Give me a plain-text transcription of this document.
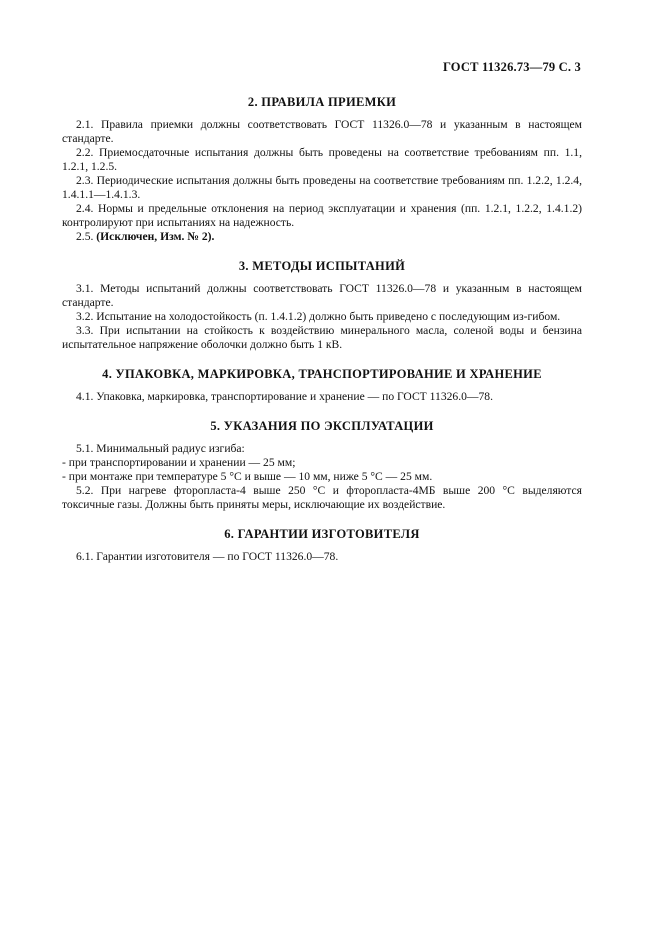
ГОСТ 11326.73—79 С. 3
2. ПРАВИЛА ПРИЕМКИ

2.1. Правила приемки должны соответствовать ГОСТ 11326.0—78 и указанным в настоящем стандарте.

2.2. Приемосдаточные испытания должны быть проведены на соответствие требованиям пп. 1.1, 1.2.1, 1.2.5.

2.3. Периодические испытания должны быть проведены на соответствие требованиям пп. 1.2.2, 1.2.4, 1.4.1.1—1.4.1.3.

2.4. Нормы и предельные отклонения на период эксплуатации и хранения (пп. 1.2.1, 1.2.2, 1.4.1.2) контролируют при испытаниях на надежность.

2.5. (Исключен, Изм. № 2).

3. МЕТОДЫ ИСПЫТАНИЙ

3.1. Методы испытаний должны соответствовать ГОСТ 11326.0—78 и указанным в настоящем стандарте.

3.2. Испытание на холодостойкость (п. 1.4.1.2) должно быть приведено с последующим из-гибом.

3.3. При испытании на стойкость к воздействию минерального масла, соленой воды и бензина испытательное напряжение оболочки должно быть 1 кВ.

4. УПАКОВКА, МАРКИРОВКА, ТРАНСПОРТИРОВАНИЕ И ХРАНЕНИЕ

4.1. Упаковка, маркировка, транспортирование и хранение — по ГОСТ 11326.0—78.

5. УКАЗАНИЯ ПО ЭКСПЛУАТАЦИИ

5.1. Минимальный радиус изгиба:

- при транспортировании и хранении — 25 мм;

- при монтаже при температуре 5 °С и выше — 10 мм, ниже 5 °С — 25 мм.

5.2. При нагреве фторопласта-4 выше 250 °С и фторопласта-4МБ выше 200 °С выделяются токсичные газы. Должны быть приняты меры, исключающие их воздействие.

6. ГАРАНТИИ ИЗГОТОВИТЕЛЯ

6.1. Гарантии изготовителя — по ГОСТ 11326.0—78.
